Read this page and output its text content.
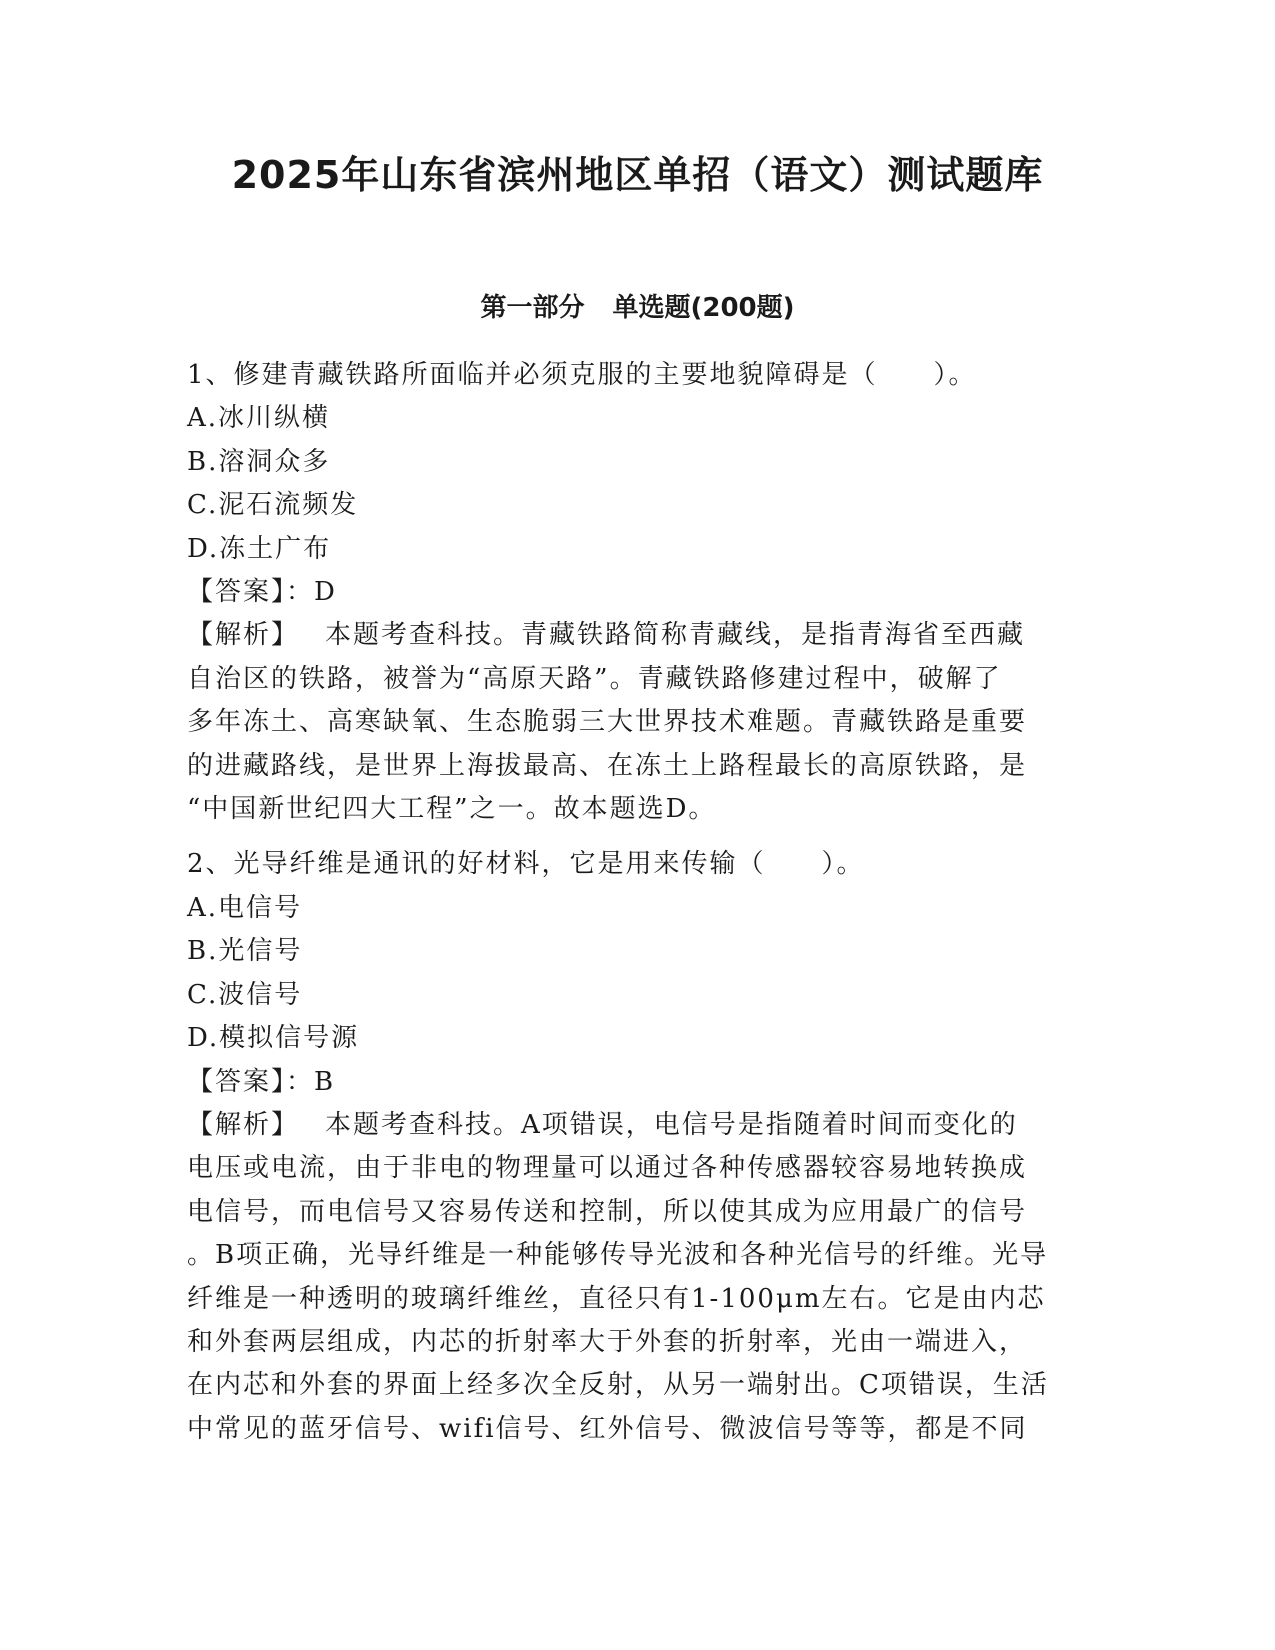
2025年山东省滨州地区单招（语文）测试题库
第一部分 单选题(200题)

1、修建青藏铁路所面临并必须克服的主要地貌障碍是（　　）。

A.冰川纵横

B.溶洞众多

C.泥石流频发

D.冻土广布

【答案】：D

【解析】 本题考查科技。青藏铁路简称青藏线，是指青海省至西藏

自治区的铁路，被誉为“高原天路”。青藏铁路修建过程中，破解了

多年冻土、高寒缺氧、生态脆弱三大世界技术难题。青藏铁路是重要

的进藏路线，是世界上海拔最高、在冻土上路程最长的高原铁路，是

“中国新世纪四大工程”之一。故本题选D。

2、光导纤维是通讯的好材料，它是用来传输（　　）。

A.电信号

B.光信号

C.波信号

D.模拟信号源

【答案】：B

【解析】 本题考查科技。A项错误，电信号是指随着时间而变化的

电压或电流，由于非电的物理量可以通过各种传感器较容易地转换成

电信号，而电信号又容易传送和控制，所以使其成为应用最广的信号

。B项正确，光导纤维是一种能够传导光波和各种光信号的纤维。光导

纤维是一种透明的玻璃纤维丝，直径只有1-100μm左右。它是由内芯

和外套两层组成，内芯的折射率大于外套的折射率，光由一端进入，

在内芯和外套的界面上经多次全反射，从另一端射出。C项错误，生活

中常见的蓝牙信号、wifi信号、红外信号、微波信号等等，都是不同
